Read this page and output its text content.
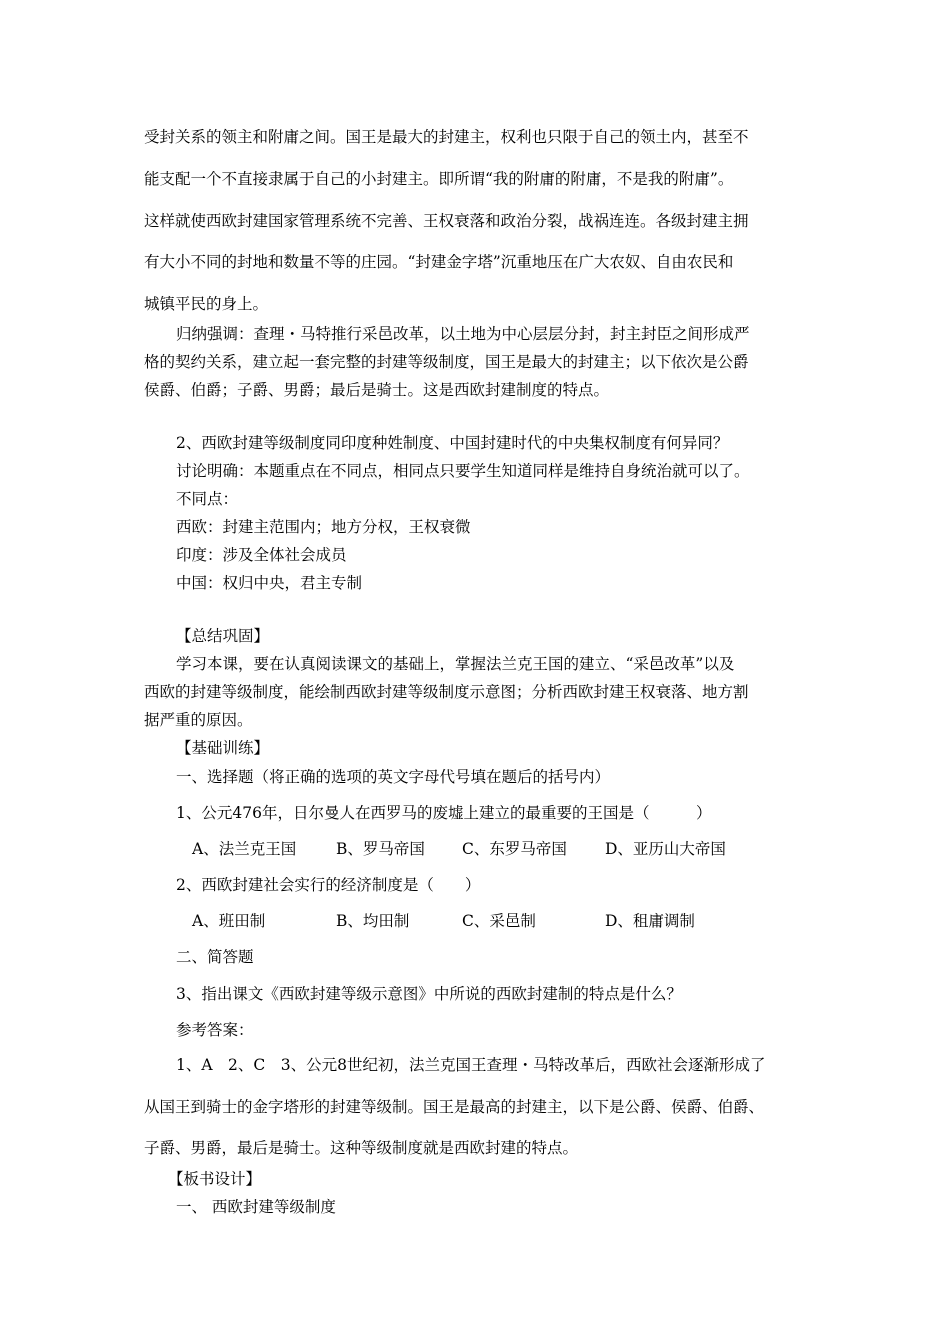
受封关系的领主和附庸之间。国王是最大的封建主，权利也只限于自己的领土内，甚至不
能支配一个不直接隶属于自己的小封建主。即所谓“我的附庸的附庸，不是我的附庸”。
这样就使西欧封建国家管理系统不完善、王权衰落和政治分裂，战祸连连。各级封建主拥
有大小不同的封地和数量不等的庄园。“封建金字塔”沉重地压在广大农奴、自由农民和
城镇平民的身上。
归纳强调：查理・马特推行采邑改革，以土地为中心层层分封，封主封臣之间形成严
格的契约关系，建立起一套完整的封建等级制度，国王是最大的封建主；以下依次是公爵
侯爵、伯爵；子爵、男爵；最后是骑士。这是西欧封建制度的特点。
2、西欧封建等级制度同印度种姓制度、中国封建时代的中央集权制度有何异同？
讨论明确：本题重点在不同点，相同点只要学生知道同样是维持自身统治就可以了。
不同点：
西欧：封建主范围内；地方分权，王权衰微
印度：涉及全体社会成员
中国：权归中央，君主专制
【总结巩固】
学习本课，要在认真阅读课文的基础上，掌握法兰克王国的建立、“采邑改革”以及
西欧的封建等级制度，能绘制西欧封建等级制度示意图；分析西欧封建王权衰落、地方割
据严重的原因。
【基础训练】
一、选择题（将正确的选项的英文字母代号填在题后的括号内）
1、公元476年，日尔曼人在西罗马的废墟上建立的最重要的王国是（　　　）
A、法兰克王国	B、罗马帝国 C、东罗马帝国 D、亚历山大帝国
2、西欧封建社会实行的经济制度是（　　）
A、班田制	B、均田制	C、采邑制	D、租庸调制
二、简答题
3、指出课文《西欧封建等级示意图》中所说的西欧封建制的特点是什么？
参考答案：
1、A　2、C　3、公元8世纪初，法兰克国王查理・马特改革后，西欧社会逐渐形成了
从国王到骑士的金字塔形的封建等级制。国王是最高的封建主，以下是公爵、侯爵、伯爵、
子爵、男爵，最后是骑士。这种等级制度就是西欧封建的特点。
【板书设计】
一、 西欧封建等级制度
